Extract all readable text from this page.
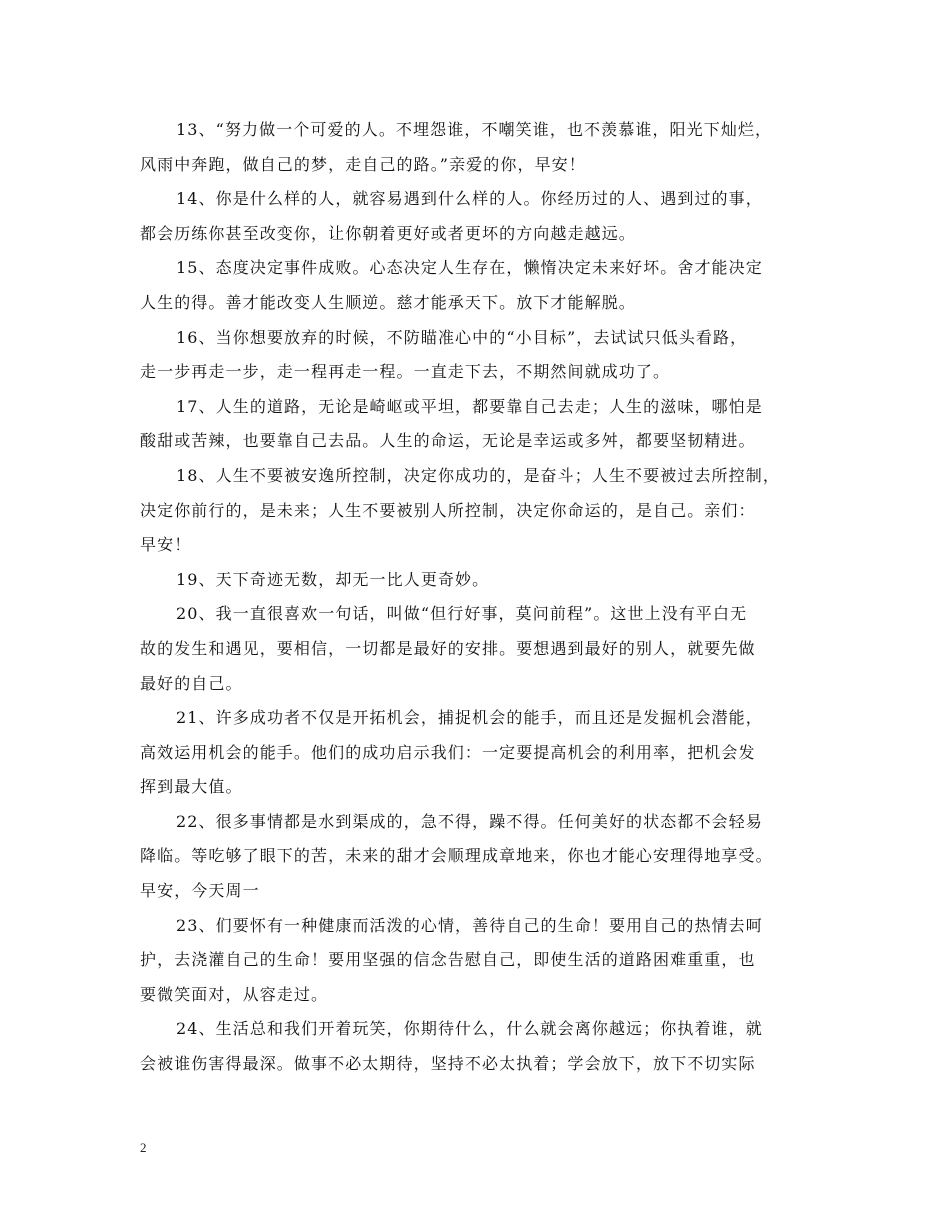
13、“努力做一个可爱的人。不埋怨谁，不嘲笑谁，也不羡慕谁，阳光下灿烂，
风雨中奔跑，做自己的梦，走自己的路。”亲爱的你，早安！
14、你是什么样的人，就容易遇到什么样的人。你经历过的人、遇到过的事，
都会历练你甚至改变你，让你朝着更好或者更坏的方向越走越远。
15、态度决定事件成败。心态决定人生存在，懒惰决定未来好坏。舍才能决定
人生的得。善才能改变人生顺逆。慈才能承天下。放下才能解脱。
16、当你想要放弃的时候，不防瞄准心中的“小目标”，去试试只低头看路，
走一步再走一步，走一程再走一程。一直走下去，不期然间就成功了。
17、人生的道路，无论是崎岖或平坦，都要靠自己去走；人生的滋味，哪怕是
酸甜或苦辣，也要靠自己去品。人生的命运，无论是幸运或多舛，都要坚韧精进。
18、人生不要被安逸所控制，决定你成功的，是奋斗；人生不要被过去所控制，
决定你前行的，是未来；人生不要被别人所控制，决定你命运的，是自己。亲们：
早安！
19、天下奇迹无数，却无一比人更奇妙。
20、我一直很喜欢一句话，叫做“但行好事，莫问前程”。这世上没有平白无
故的发生和遇见，要相信，一切都是最好的安排。要想遇到最好的别人，就要先做
最好的自己。
21、许多成功者不仅是开拓机会，捕捉机会的能手，而且还是发掘机会潜能，
高效运用机会的能手。他们的成功启示我们：一定要提高机会的利用率，把机会发
挥到最大值。
22、很多事情都是水到渠成的，急不得，躁不得。任何美好的状态都不会轻易
降临。等吃够了眼下的苦，未来的甜才会顺理成章地来，你也才能心安理得地享受。
早安，今天周一
23、们要怀有一种健康而活泼的心情，善待自己的生命！要用自己的热情去呵
护，去浇灌自己的生命！要用坚强的信念告慰自己，即使生活的道路困难重重，也
要微笑面对，从容走过。
24、生活总和我们开着玩笑，你期待什么，什么就会离你越远；你执着谁，就
会被谁伤害得最深。做事不必太期待，坚持不必太执着；学会放下，放下不切实际
2
